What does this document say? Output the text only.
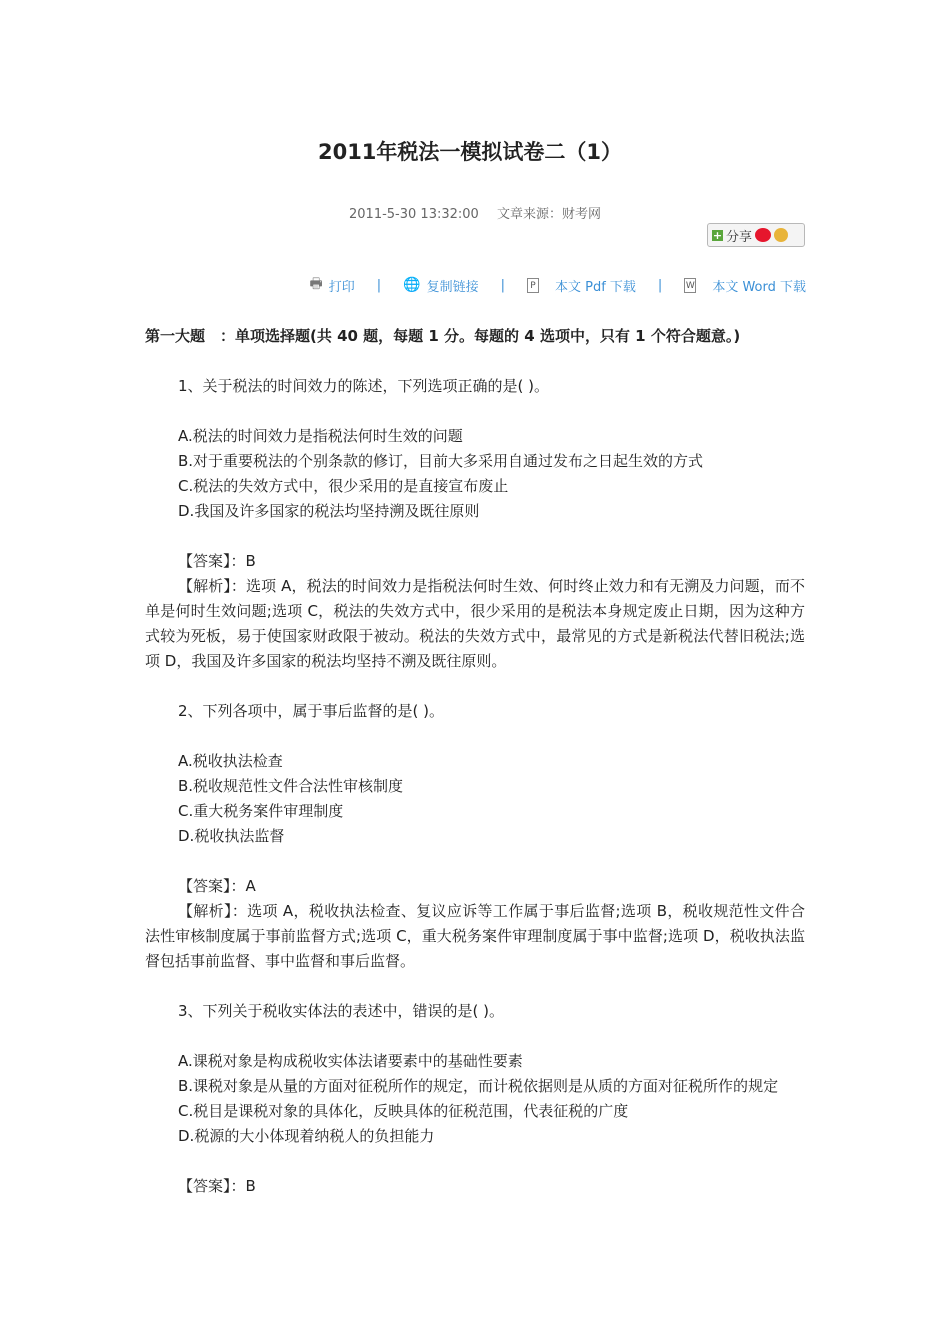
2011年税法一模拟试卷二（1）
2011-5-30 13:32:00 文章来源：财考网
+ 分享
🖶 打印 | 🌐 复制链接 |	P 本文 Pdf 下载 |	W 本文 Word 下载

第一大题　：单项选择题(共 40 题，每题 1 分。每题的 4 选项中，只有 1 个符合题意。)

1、关于税法的时间效力的陈述，下列选项正确的是( )。

A.税法的时间效力是指税法何时生效的问题

B.对于重要税法的个别条款的修订，目前大多采用自通过发布之日起生效的方式

C.税法的失效方式中，很少采用的是直接宣布废止

D.我国及许多国家的税法均坚持溯及既往原则

【答案】：B

【解析】：选项 A，税法的时间效力是指税法何时生效、何时终止效力和有无溯及力问题，而不单是何时生效问题;选项 C，税法的失效方式中，很少采用的是税法本身规定废止日期，因为这种方式较为死板，易于使国家财政限于被动。税法的失效方式中，最常见的方式是新税法代替旧税法;选项 D，我国及许多国家的税法均坚持不溯及既往原则。

2、下列各项中，属于事后监督的是( )。

A.税收执法检查

B.税收规范性文件合法性审核制度

C.重大税务案件审理制度

D.税收执法监督

【答案】：A

【解析】：选项 A，税收执法检查、复议应诉等工作属于事后监督;选项 B，税收规范性文件合法性审核制度属于事前监督方式;选项 C，重大税务案件审理制度属于事中监督;选项 D，税收执法监督包括事前监督、事中监督和事后监督。

3、下列关于税收实体法的表述中，错误的是( )。

A.课税对象是构成税收实体法诸要素中的基础性要素

B.课税对象是从量的方面对征税所作的规定，而计税依据则是从质的方面对征税所作的规定

C.税目是课税对象的具体化，反映具体的征税范围，代表征税的广度

D.税源的大小体现着纳税人的负担能力

【答案】：B
